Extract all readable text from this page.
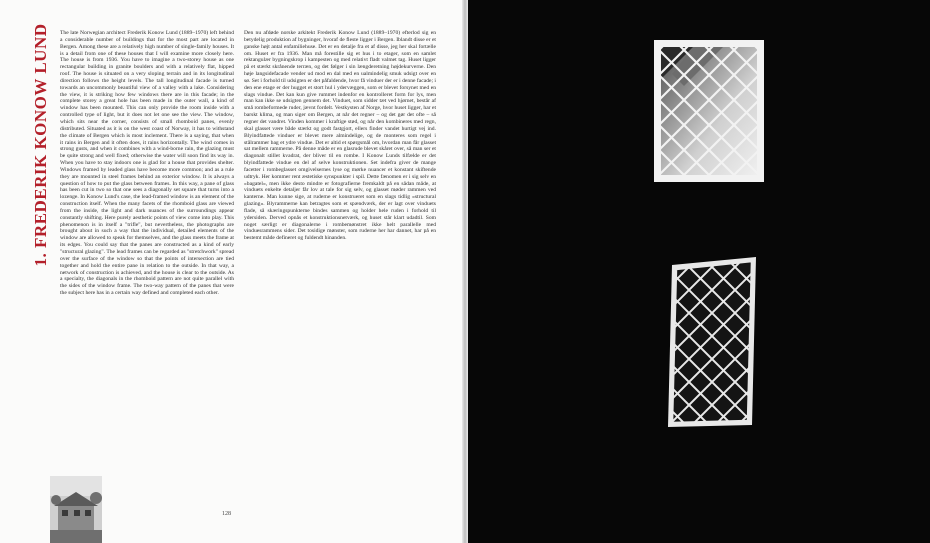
1. FREDERIK KONOW LUND The late Norwegian architect Frederik Konow Lund (1889–1970) left behind a considerable number of buildings that for the most part are located in Bergen. Among these are a relatively high number of single-family houses. It is a detail from one of these houses that I will examine more closely here. The house is from 1936. You have to imagine a two-storey house as one rectangular building in granite boulders and with a relatively flat, hipped roof. The house is situated on a very sloping terrain and in its longitudinal direction follows the height levels. The tall longitudinal facade is turned towards an uncommonly beautiful view of a valley with a lake. Considering the view, it is striking how few windows there are in this facade; in the complete storey a great hole has been made in the outer wall, a kind of window has been mounted. This can only provide the room inside with a controlled type of light, but it does not let one see the view. The window, which sits near the corner, consists of small rhomboid panes, evenly distributed. Situated as it is on the west coast of Norway, it has to withstand the climate of Bergen which is most inclement. There is a saying, that when it rains in Bergen and it often does, it rains horizontally. The wind comes in strong gusts, and when it combines with a wind-borne rain, the glazing must be quite strong and well fixed; otherwise the water will soon find its way in. When you have to stay indoors one is glad for a house that provides shelter. Windows framed by leaded glass have become more common; and as a rule they are mounted in steel frames behind an exterior window. It is always a question of how to put the glass between frames. In this way, a pane of glass has been cut in two so that one sees a diagonally set square that turns into a lozenge. In Konow Lund's case, the lead-framed window is an element of the construction itself. When the many facets of the rhomboid glass are viewed from the inside, the light and dark nuances of the surroundings appear constantly shifting. Here purely aesthetic points of view come into play. This phenomenon is in itself a "trifle", but nevertheless, the photographs are brought about in such a way that the individual, detailed elements of the window are allowed to speak for themselves, and the glass meets the frame at its edges. You could say that the panes are constructed as a kind of early "structural glazing". The lead frames can be regarded as "stretchwork" spread over the surface of the window so that the points of intersection are tied together and hold the entire pane in relation to the outside. In that way, a network of construction is achieved, and the house is clear to the outside. As a specialty, the diagonals in the rhomboid pattern are not quite parallel with the sides of the window frame. The two-way pattern of the panes that were the subject here has in a certain way defined and completed each other.

Den nu afdøde norske arkitekt Frederik Konow Lund (1889–1970) efterlod sig en betydelig produktion af bygninger, hvoraf de fleste ligger i Bergen. Iblandt disse er et ganske højt antal enfamiliehuse. Det er en detalje fra et af disse, jeg her skal fortælle om. Huset er fra 1936. Man må forestille sig et hus i to etager, som en samlet rektangulær bygningskrop i kampesten og med relativt fladt valmet tag. Huset ligger på et stærkt skrånende terræn, og det følger i sin længderetning højdekurverne. Den høje langsidefacade vender ud mod en dal med en ualmindelig smuk udsigt over en sø. Set i forhold til udsigten er det påfaldende, hvor få vinduer der er i denne facade; i den ene etage er der hugget et stort hul i ydervæggen, som er blevet forsynet med en slags vindue. Det kan kun give rummet indenfor en kontrolleret form for lys, men man kan ikke se udsigten gennem det. Vinduet, som sidder tæt ved hjørnet, består af små rombeformede ruder, jævnt fordelt. Vestkysten af Norge, hvor huset ligger, har et barskt klima, og man siger om Bergen, at når det regner – og det gør det ofte – så regner det vandret. Vinden kommer i kraftige stød, og når den kombineres med regn, skal glasset være både stærkt og godt fastgjort, ellers finder vandet hurtigt vej ind. Blyindfattede vinduer er blevet mere almindelige, og de monteres som regel i stålrammer bag et ydre vindue. Det er altid et spørgsmål om, hvordan man får glasset sat mellem rammerne. På denne måde er en glasrude blevet skåret over, så man ser et diagonalt stillet kvadrat, der bliver til en rombe. I Konow Lunds tilfælde er det blyindfattede vindue en del af selve konstruktionen. Set indefra giver de mange facetter i rombeglasset omgivelsernes lyse og mørke nuancer et konstant skiftende udtryk. Her kommer rent æstetiske synspunkter i spil. Dette fænomen er i sig selv en »bagatel«, men ikke desto mindre er fotografierne fremkaldt på en sådan måde, at vinduets enkelte detaljer får lov at tale for sig selv, og glasset møder rammen ved kanterne. Man kunne sige, at ruderne er konstrueret som en slags tidlig »structural glazing«. Blyrammerne kan betragtes som et spændværk, der er lagt over vinduets flade, så skæringspunkterne bindes sammen og holder hele ruden i forhold til ydersiden. Derved opnås et konstruktionsnetværk, og huset står klart udadtil. Som noget særligt er diagonalerne i rombemønstret ikke helt parallelle med vinduesrammens sider. Det tosidige mønster, som ruderne her har dannet, har på en bestemt måde defineret og fuldendt hinanden.

128
